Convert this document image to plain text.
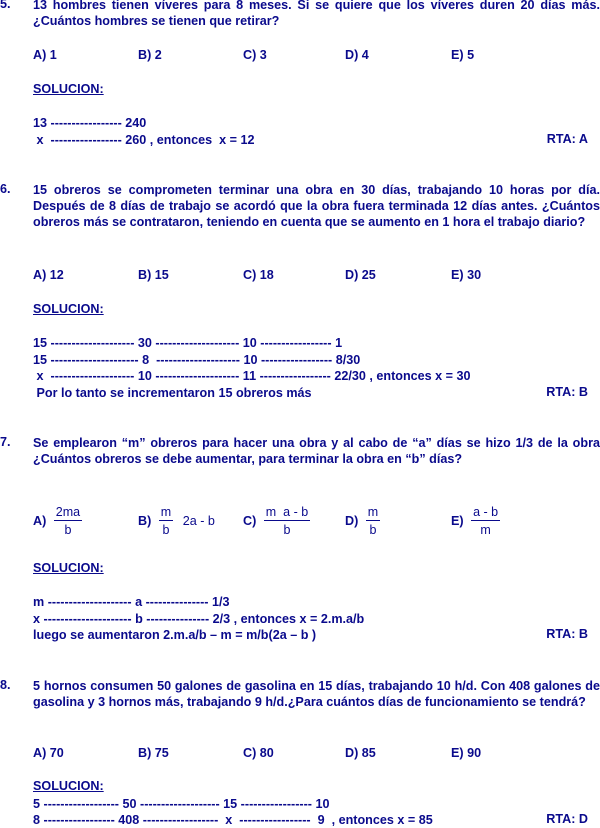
5. 13 hombres tienen víveres para 8 meses. Si se quiere que los víveres duren 20 días más. ¿Cuántos hombres se tienen que retirar?

A) 1	B) 2	C) 3	D) 4	E) 5
SOLUCION:
13 ----------------- 240
x  ----------------- 260 , entonces  x = 12	RTA: A
6. 15 obreros se comprometen terminar una obra en 30 días, trabajando 10 horas por día. Después de 8 días de trabajo se acordó que la obra fuera terminada 12 días antes. ¿Cuántos obreros más se contrataron, teniendo en cuenta que se aumento en 1 hora el trabajo diario?

A) 12	B) 15	C) 18	D) 25	E) 30
SOLUCION:
15 -------------------- 30 -------------------- 10 ----------------- 1
15 --------------------- 8  -------------------- 10 ----------------- 8/30
x  -------------------- 10 -------------------- 11 ----------------- 22/30 , entonces x = 30
Por lo tanto se incrementaron 15 obreros más	RTA: B
7. Se emplearon “m” obreros para hacer una obra y al cabo de “a” días se hizo 1/3 de la obra ¿Cuántos obreros se debe aumentar, para terminar la obra en “b” días?

$A) \frac{2ma}{b}$	$B) \frac{m}{b} 2a$ - b $C) \frac{\text{m  a - b}}{b}$	$D) \frac{m}{b}$	$E) \frac{a - b}{m}$
SOLUCION:
m -------------------- a --------------- 1/3
x --------------------- b --------------- 2/3 , entonces x = 2.m.a/b
luego se aumentaron 2.m.a/b – m = m/b(2a – b )	RTA: B
8. 5 hornos consumen 50 galones de gasolina en 15 días, trabajando 10 h/d. Con 408 galones de gasolina y 3 hornos más, trabajando 9 h/d.¿Para cuántos días de funcionamiento se tendrá?

A) 70	B) 75	C) 80	D) 85	E) 90
SOLUCION:
5 ------------------ 50 ------------------- 15 ----------------- 10
8 ----------------- 408 ------------------  x  -----------------  9  , entonces x = 85	RTA: D
